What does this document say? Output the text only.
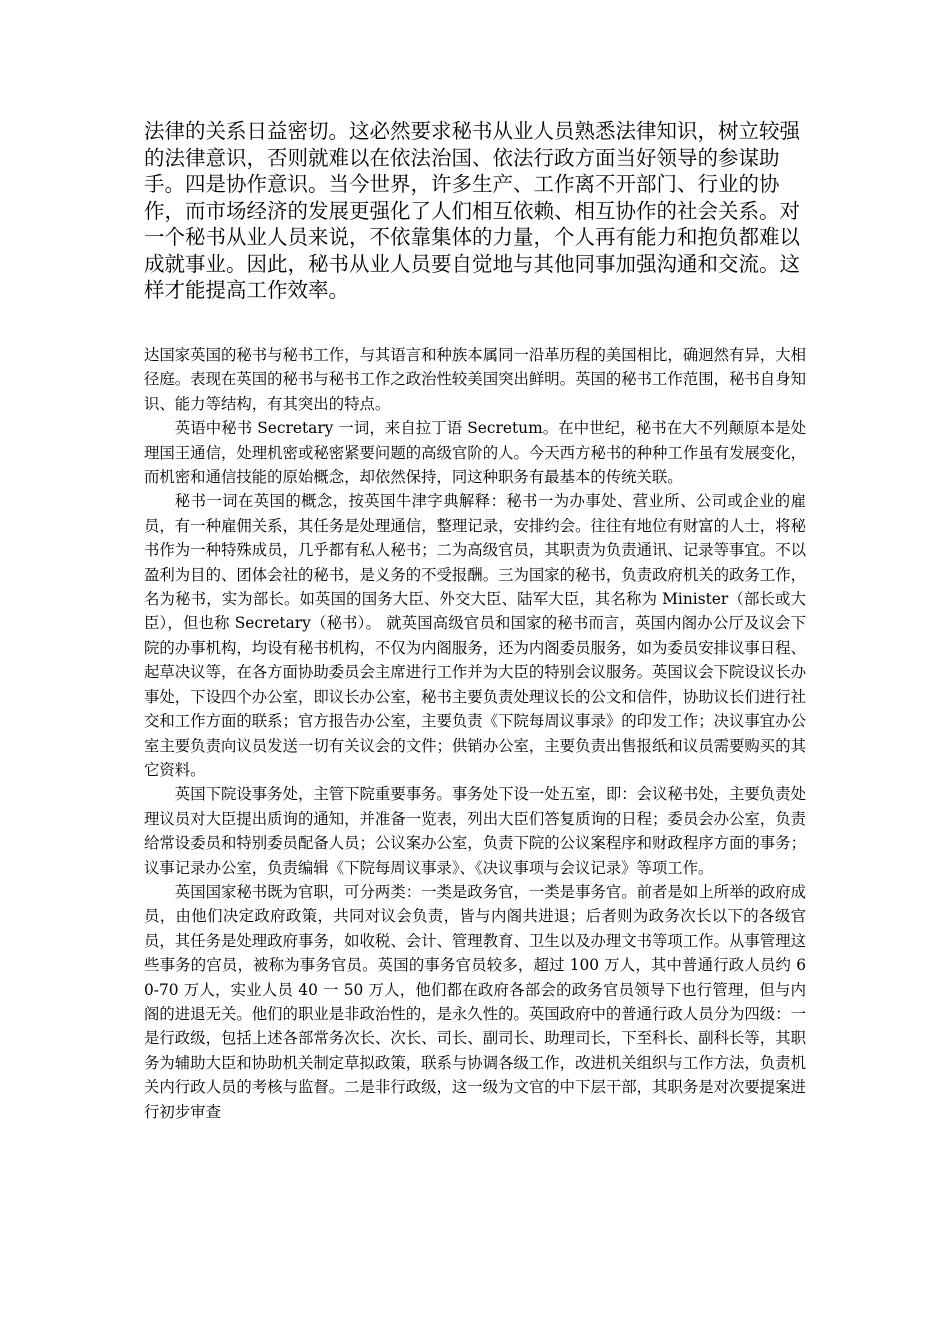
法律的关系日益密切。这必然要求秘书从业人员熟悉法律知识，树立较强的法律意识，否则就难以在依法治国、依法行政方面当好领导的参谋助手。四是协作意识。当今世界，许多生产、工作离不开部门、行业的协作，而市场经济的发展更强化了人们相互依赖、相互协作的社会关系。对一个秘书从业人员来说，不依靠集体的力量，个人再有能力和抱负都难以成就事业。因此，秘书从业人员要自觉地与其他同事加强沟通和交流。这样才能提高工作效率。

达国家英国的秘书与秘书工作，与其语言和种族本属同一沿革历程的美国相比，确迥然有异，大相径庭。表现在英国的秘书与秘书工作之政治性较美国突出鲜明。英国的秘书工作范围，秘书自身知识、能力等结构，有其突出的特点。

英语中秘书 Secretary 一词，来自拉丁语 Secretum。在中世纪，秘书在大不列颠原本是处理国王通信，处理机密或秘密紧要问题的高级官阶的人。今天西方秘书的种种工作虽有发展变化，而机密和通信技能的原始概念，却依然保持，同这种职务有最基本的传统关联。

秘书一词在英国的概念，按英国牛津字典解释：秘书一为办事处、营业所、公司或企业的雇员，有一种雇佣关系，其任务是处理通信，整理记录，安排约会。往往有地位有财富的人士，将秘书作为一种特殊成员，几乎都有私人秘书；二为高级官员，其职责为负责通讯、记录等事宜。不以盈利为目的、团体会社的秘书，是义务的不受报酬。三为国家的秘书，负责政府机关的政务工作，名为秘书，实为部长。如英国的国务大臣、外交大臣、陆军大臣，其名称为 Minister（部长或大臣），但也称 Secretary（秘书）。 就英国高级官员和国家的秘书而言，英国内阁办公厅及议会下院的办事机构，均设有秘书机构，不仅为内阁服务，还为内阁委员服务，如为委员安排议事日程、起草决议等，在各方面协助委员会主席进行工作并为大臣的特别会议服务。英国议会下院设议长办事处，下设四个办公室，即议长办公室，秘书主要负责处理议长的公文和信件，协助议长们进行社交和工作方面的联系；官方报告办公室，主要负责《下院每周议事录》的印发工作；决议事宜办公室主要负责向议员发送一切有关议会的文件；供销办公室，主要负责出售报纸和议员需要购买的其它资料。

英国下院设事务处，主管下院重要事务。事务处下设一处五室，即：会议秘书处，主要负责处理议员对大臣提出质询的通知，并准备一览表，列出大臣们答复质询的日程；委员会办公室，负责给常设委员和特别委员配备人员；公议案办公室，负责下院的公议案程序和财政程序方面的事务；议事记录办公室，负责编辑《下院每周议事录》、《决议事项与会议记录》等项工作。

英国国家秘书既为官职，可分两类：一类是政务官，一类是事务官。前者是如上所举的政府成员，由他们决定政府政策，共同对议会负责，皆与内阁共进退；后者则为政务次长以下的各级官员，其任务是处理政府事务，如收税、会计、管理教育、卫生以及办理文书等项工作。从事管理这些事务的宫员，被称为事务官员。英国的事务官员较多，超过 100 万人，其中普通行政人员约 60-70 万人，实业人员 40 一 50 万人，他们都在政府各部会的政务官员领导下也行管理，但与内阁的进退无关。他们的职业是非政治性的，是永久性的。英国政府中的普通行政人员分为四级：一是行政级，包括上述各部常务次长、次长、司长、副司长、助理司长，下至科长、副科长等，其职务为辅助大臣和协助机关制定草拟政策，联系与协调各级工作，改进机关组织与工作方法，负责机关内行政人员的考核与监督。二是非行政级，这一级为文官的中下层干部，其职务是对次要提案进行初步审查
